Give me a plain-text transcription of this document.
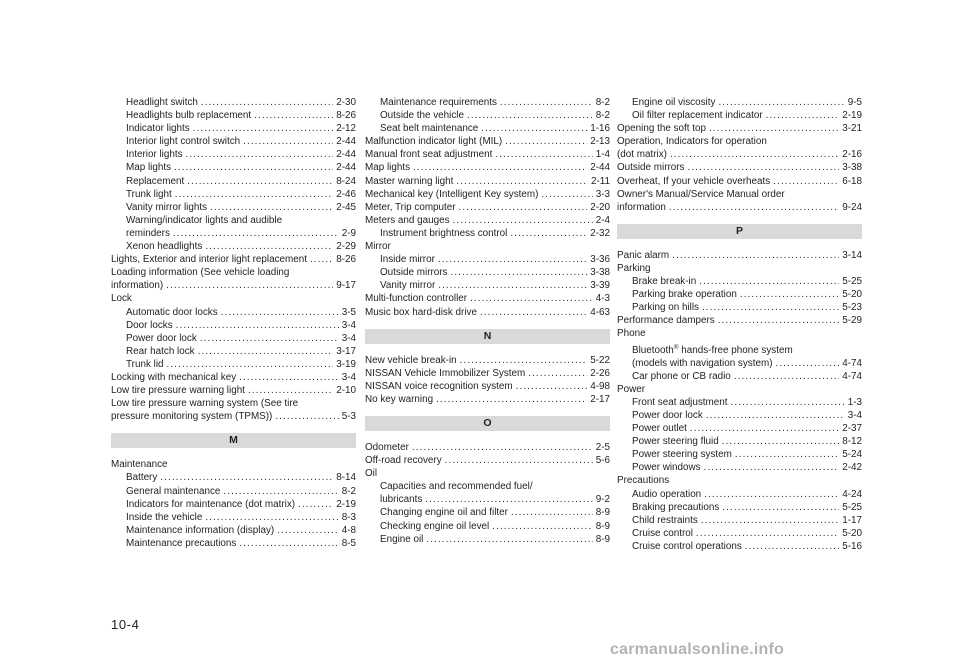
Headlight switch .....	2-30
Headlights bulb replacement .....	8-26
Indicator lights .....	2-12
Interior light control switch .....	2-44
Interior lights .....	2-44
Map lights .....	2-44
Replacement .....	8-24
Trunk light .....	2-46
Vanity mirror lights .....	2-45
Warning/indicator lights and audible
reminders .....	2-9
Xenon headlights .....	2-29
Lights, Exterior and interior light replacement .....	8-26
Loading information (See vehicle loading
information) .....	9-17
Lock
Automatic door locks .....	3-5
Door locks .....	3-4
Power door lock .....	3-4
Rear hatch lock .....	3-17
Trunk lid .....	3-19
Locking with mechanical key .....	3-4
Low tire pressure warning light .....	2-10
Low tire pressure warning system (See tire
pressure monitoring system (TPMS)) .....	5-3
M
Maintenance
Battery .....	8-14
General maintenance .....	8-2
Indicators for maintenance (dot matrix) .....	2-19
Inside the vehicle .....	8-3
Maintenance information (display) .....	4-8
Maintenance precautions .....	8-5
Maintenance requirements .....	8-2
Outside the vehicle .....	8-2
Seat belt maintenance .....	1-16
Malfunction indicator light (MIL) .....	2-13
Manual front seat adjustment .....	1-4
Map lights .....	2-44
Master warning light .....	2-11
Mechanical key (Intelligent Key system) .....	3-3
Meter, Trip computer .....	2-20
Meters and gauges .....	2-4
Instrument brightness control .....	2-32
Mirror
Inside mirror .....	3-36
Outside mirrors .....	3-38
Vanity mirror .....	3-39
Multi-function controller .....	4-3
Music box hard-disk drive .....	4-63
N
New vehicle break-in .....	5-22
NISSAN Vehicle Immobilizer System .....	2-26
NISSAN voice recognition system .....	4-98
No key warning .....	2-17
O
Odometer .....	2-5
Off-road recovery .....	5-6
Oil
Capacities and recommended fuel/
lubricants .....	9-2
Changing engine oil and filter .....	8-9
Checking engine oil level .....	8-9
Engine oil .....	8-9
Engine oil viscosity .....	9-5
Oil filter replacement indicator .....	2-19
Opening the soft top .....	3-21
Operation, Indicators for operation
(dot matrix) .....	2-16
Outside mirrors .....	3-38
Overheat, If your vehicle overheats .....	6-18
Owner's Manual/Service Manual order
information .....	9-24
P
Panic alarm .....	3-14
Parking
Brake break-in .....	5-25
Parking brake operation .....	5-20
Parking on hills .....	5-23
Performance dampers .....	5-29
Phone
Bluetooth® hands-free phone system
(models with navigation system) .....	4-74
Car phone or CB radio .....	4-74
Power
Front seat adjustment .....	1-3
Power door lock .....	3-4
Power outlet .....	2-37
Power steering fluid .....	8-12
Power steering system .....	5-24
Power windows .....	2-42
Precautions
Audio operation .....	4-24
Braking precautions .....	5-25
Child restraints .....	1-17
Cruise control .....	5-20
Cruise control operations .....	5-16
10-4
carmanualsonline.info
